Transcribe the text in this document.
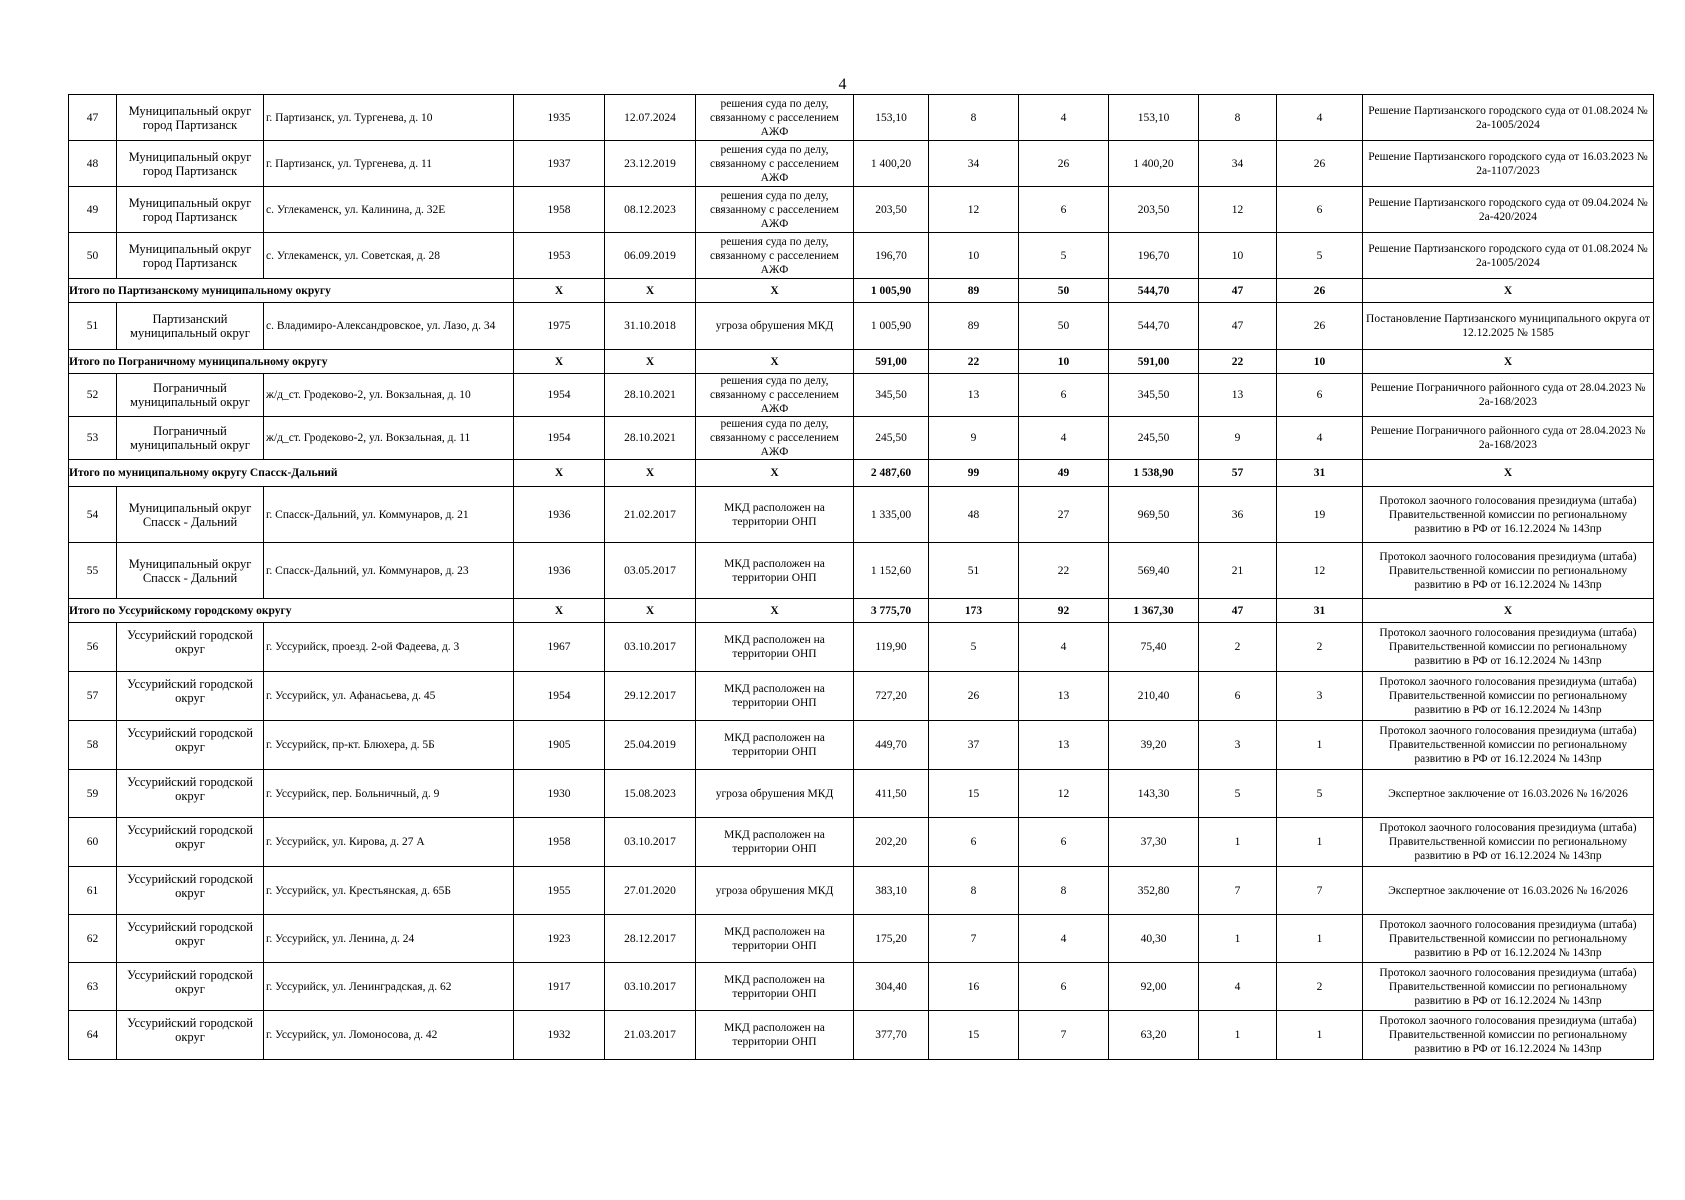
4
47	Муниципальный округ город Партизанск	г. Партизанск, ул. Тургенева, д. 10	1935	12.07.2024	решения суда по делу, связанному с расселением АЖФ	153,10	8	4	153,10	8	4	Решение Партизанского городского суда от 01.08.2024 № 2а-1005/2024
48	Муниципальный округ город Партизанск	г. Партизанск, ул. Тургенева, д. 11	1937	23.12.2019	решения суда по делу, связанному с расселением АЖФ	1 400,20	34	26	1 400,20	34	26	Решение Партизанского городского суда от 16.03.2023 № 2а-1107/2023
49	Муниципальный округ город Партизанск	с. Углекаменск, ул. Калинина, д. 32Е	1958	08.12.2023	решения суда по делу, связанному с расселением АЖФ	203,50	12	6	203,50	12	6	Решение Партизанского городского суда от 09.04.2024 № 2а-420/2024
50	Муниципальный округ город Партизанск	с. Углекаменск, ул. Советская, д. 28	1953	06.09.2019	решения суда по делу, связанному с расселением АЖФ	196,70	10	5	196,70	10	5	Решение Партизанского городского суда от 01.08.2024 № 2а-1005/2024
Итого по Партизанскому муниципальному округу			X	X	X	1 005,90	89	50	544,70	47	26	X
51	Партизанский муниципальный округ	с. Владимиро-Александровское, ул. Лазо, д. 34	1975	31.10.2018	угроза обрушения МКД	1 005,90	89	50	544,70	47	26	Постановление Партизанского муниципального округа от 12.12.2025 № 1585
Итого по Пограничному муниципальному округу			X	X	X	591,00	22	10	591,00	22	10	X
52	Пограничный муниципальный округ	ж/д_ст. Гродеково-2, ул. Вокзальная, д. 10	1954	28.10.2021	решения суда по делу, связанному с расселением АЖФ	345,50	13	6	345,50	13	6	Решение Пограничного районного суда от 28.04.2023 № 2а-168/2023
53	Пограничный муниципальный округ	ж/д_ст. Гродеково-2, ул. Вокзальная, д. 11	1954	28.10.2021	решения суда по делу, связанному с расселением АЖФ	245,50	9	4	245,50	9	4	Решение Пограничного районного суда от 28.04.2023 № 2а-168/2023
Итого по муниципальному округу Спасск-Дальний			X	X	X	2 487,60	99	49	1 538,90	57	31	X
54	Муниципальный округ Спасск - Дальний	г. Спасск-Дальний, ул. Коммунаров, д. 21	1936	21.02.2017	МКД расположен на территории ОНП	1 335,00	48	27	969,50	36	19	Протокол заочного голосования президиума (штаба) Правительственной комиссии по региональному развитию в РФ от 16.12.2024 № 143пр
55	Муниципальный округ Спасск - Дальний	г. Спасск-Дальний, ул. Коммунаров, д. 23	1936	03.05.2017	МКД расположен на территории ОНП	1 152,60	51	22	569,40	21	12	Протокол заочного голосования президиума (штаба) Правительственной комиссии по региональному развитию в РФ от 16.12.2024 № 143пр
Итого по Уссурийскому городскому округу			X	X	X	3 775,70	173	92	1 367,30	47	31	X
56	Уссурийский городской округ	г. Уссурийск, проезд. 2-ой Фадеева, д. 3	1967	03.10.2017	МКД расположен на территории ОНП	119,90	5	4	75,40	2	2	Протокол заочного голосования президиума (штаба) Правительственной комиссии по региональному развитию в РФ от 16.12.2024 № 143пр
57	Уссурийский городской округ	г. Уссурийск, ул. Афанасьева, д. 45	1954	29.12.2017	МКД расположен на территории ОНП	727,20	26	13	210,40	6	3	Протокол заочного голосования президиума (штаба) Правительственной комиссии по региональному развитию в РФ от 16.12.2024 № 143пр
58	Уссурийский городской округ	г. Уссурийск, пр-кт. Блюхера, д. 5Б	1905	25.04.2019	МКД расположен на территории ОНП	449,70	37	13	39,20	3	1	Протокол заочного голосования президиума (штаба) Правительственной комиссии по региональному развитию в РФ от 16.12.2024 № 143пр
59	Уссурийский городской округ	г. Уссурийск, пер. Больничный, д. 9	1930	15.08.2023	угроза обрушения МКД	411,50	15	12	143,30	5	5	Экспертное заключение от 16.03.2026 № 16/2026
60	Уссурийский городской округ	г. Уссурийск, ул. Кирова, д. 27 А	1958	03.10.2017	МКД расположен на территории ОНП	202,20	6	6	37,30	1	1	Протокол заочного голосования президиума (штаба) Правительственной комиссии по региональному развитию в РФ от 16.12.2024 № 143пр
61	Уссурийский городской округ	г. Уссурийск, ул. Крестьянская, д. 65Б	1955	27.01.2020	угроза обрушения МКД	383,10	8	8	352,80	7	7	Экспертное заключение от 16.03.2026 № 16/2026
62	Уссурийский городской округ	г. Уссурийск, ул. Ленина, д. 24	1923	28.12.2017	МКД расположен на территории ОНП	175,20	7	4	40,30	1	1	Протокол заочного голосования президиума (штаба) Правительственной комиссии по региональному развитию в РФ от 16.12.2024 № 143пр
63	Уссурийский городской округ	г. Уссурийск, ул. Ленинградская, д. 62	1917	03.10.2017	МКД расположен на территории ОНП	304,40	16	6	92,00	4	2	Протокол заочного голосования президиума (штаба) Правительственной комиссии по региональному развитию в РФ от 16.12.2024 № 143пр
64	Уссурийский городской округ	г. Уссурийск, ул. Ломоносова, д. 42	1932	21.03.2017	МКД расположен на территории ОНП	377,70	15	7	63,20	1	1	Протокол заочного голосования президиума (штаба) Правительственной комиссии по региональному развитию в РФ от 16.12.2024 № 143пр
